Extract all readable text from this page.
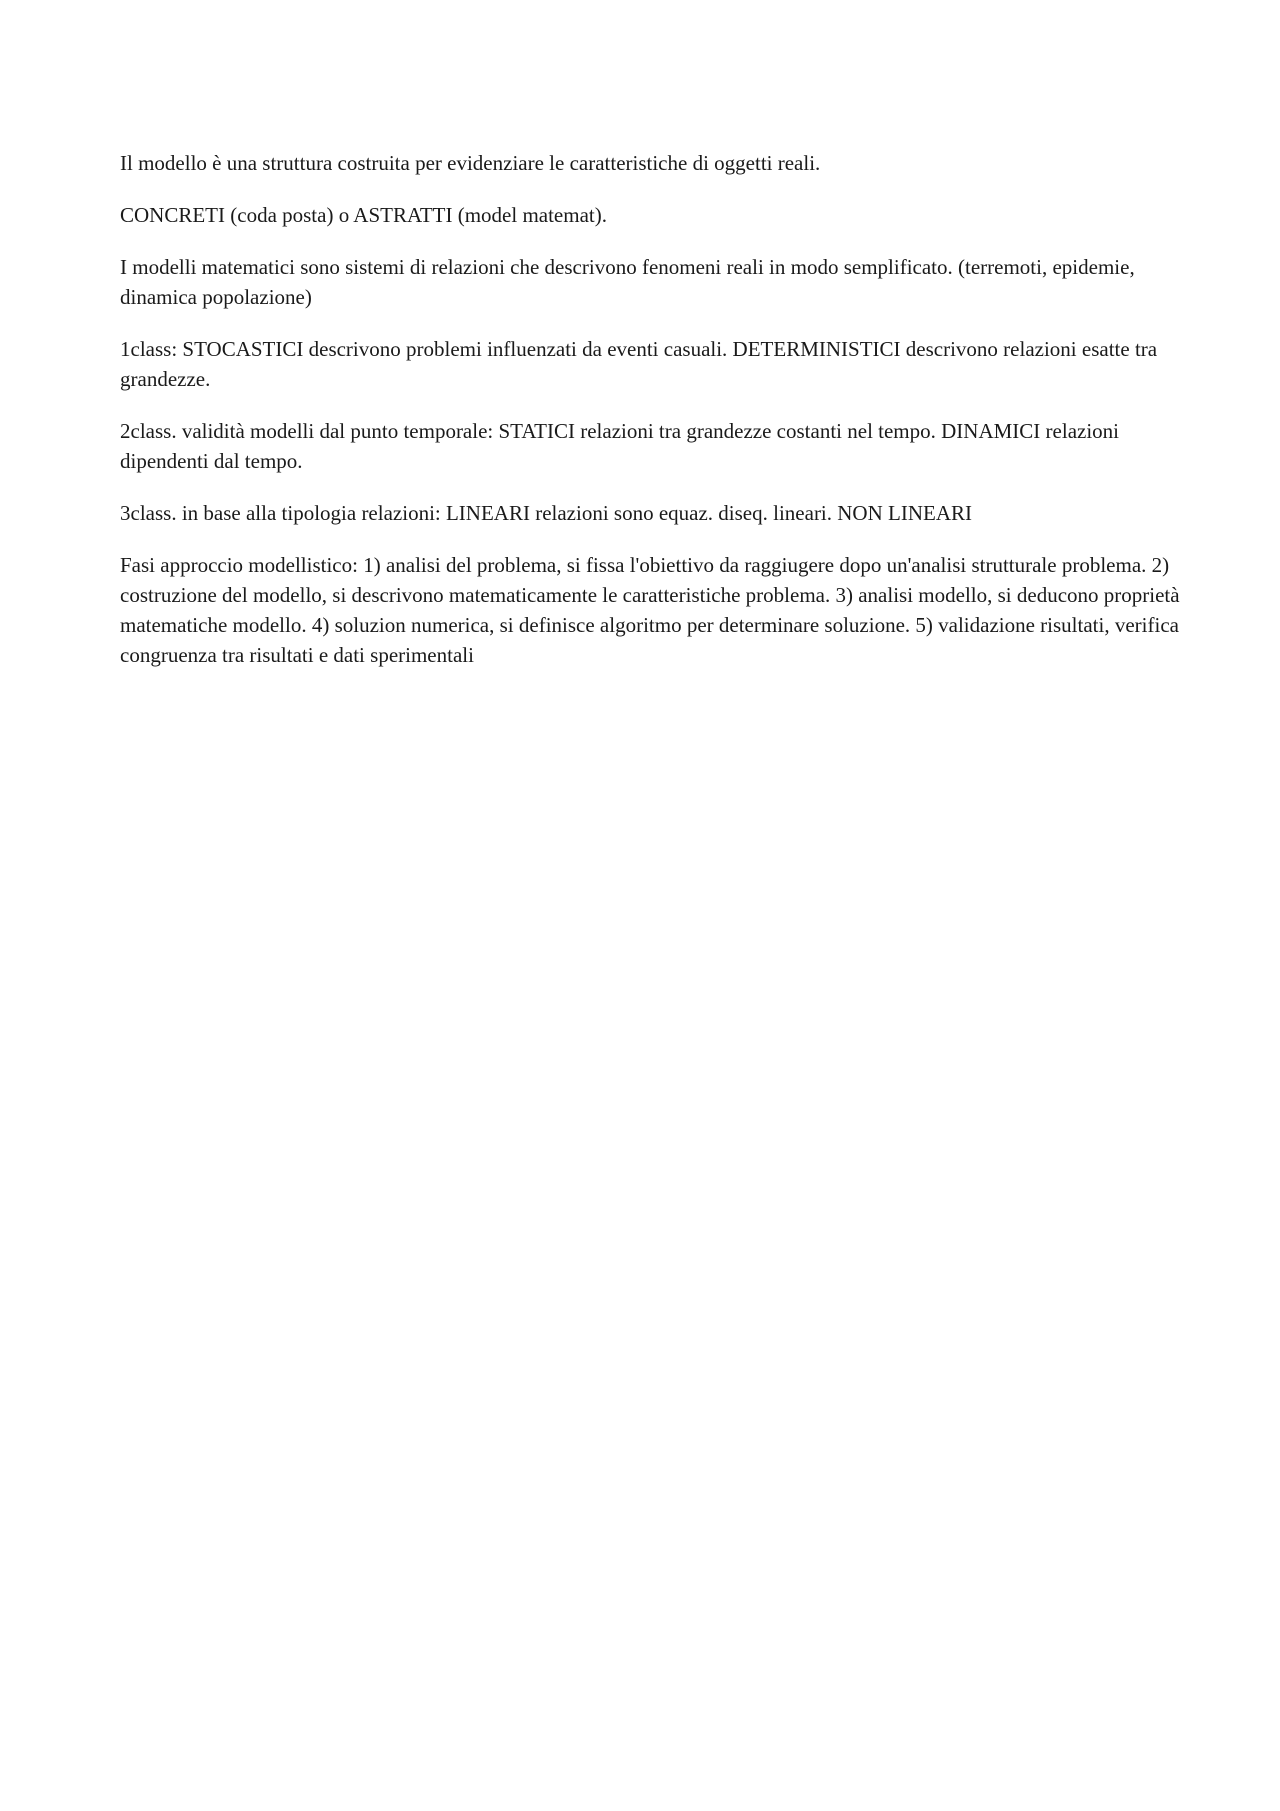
Il modello è una struttura costruita per evidenziare le caratteristiche di oggetti reali.

CONCRETI (coda posta) o ASTRATTI (model matemat).

I modelli matematici sono sistemi di relazioni che descrivono fenomeni reali in modo semplificato. (terremoti, epidemie, dinamica popolazione)

1class: STOCASTICI descrivono problemi influenzati da eventi casuali. DETERMINISTICI descrivono relazioni esatte tra grandezze.

2class. validità modelli dal punto temporale: STATICI relazioni tra grandezze costanti nel tempo. DINAMICI relazioni dipendenti dal tempo.

3class. in base alla tipologia relazioni: LINEARI relazioni sono equaz. diseq. lineari. NON LINEARI

Fasi approccio modellistico: 1) analisi del problema, si fissa l'obiettivo da raggiugere dopo un'analisi strutturale problema. 2) costruzione del modello, si descrivono matematicamente le caratteristiche problema. 3) analisi modello, si deducono proprietà matematiche modello. 4) soluzion numerica, si definisce algoritmo per determinare soluzione. 5) validazione risultati, verifica congruenza tra risultati e dati sperimentali
